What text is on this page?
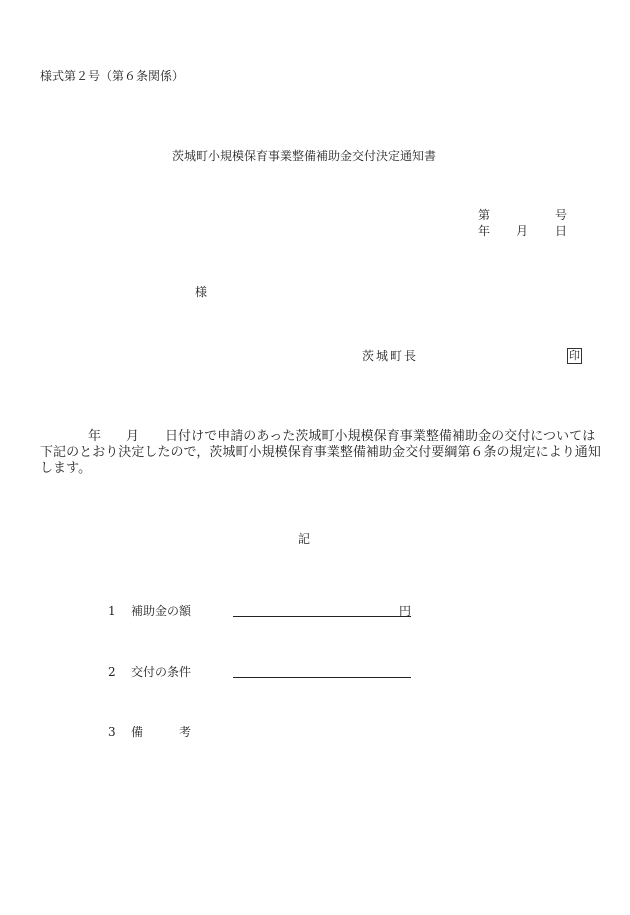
様式第２号（第６条関係）
茨城町小規模保育事業整備補助金交付決定通知書
第	号
年 月 日
様
茨城町長	印
年 月 日付けで申請のあった茨城町小規模保育事業整備補助金の交付については
下記のとおり決定したので，茨城町小規模保育事業整備補助金交付要綱第６条の規定により通知
します。
記
1 補助金の額	円
2 交付の条件
3 備　　　考
